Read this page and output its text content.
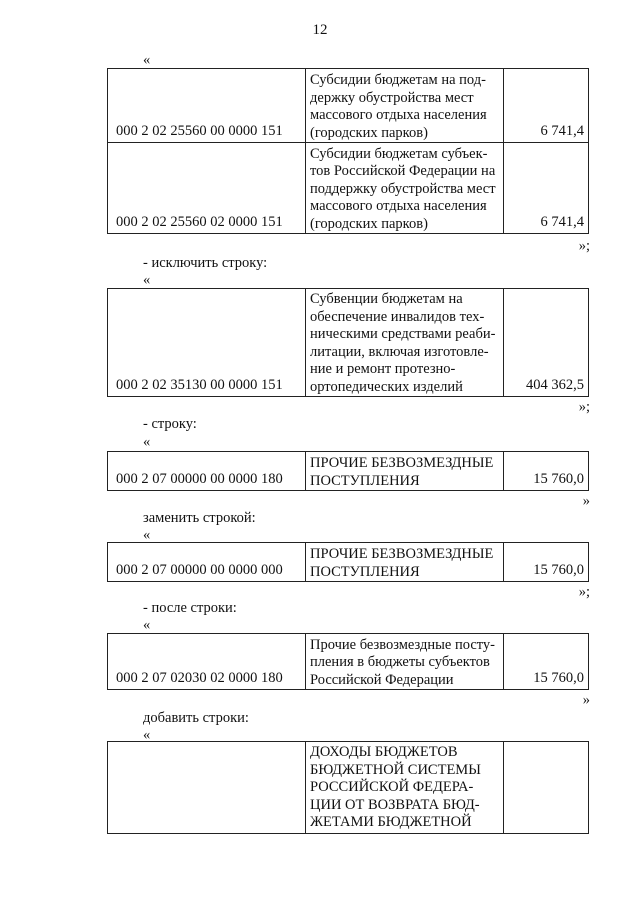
12
«
000 2 02 25560 00 0000 151	Субсидии бюджетам на под-
держку обустройства мест
массового отдыха населения
(городских парков)	6 741,4
000 2 02 25560 02 0000 151	Субсидии бюджетам субъек-
тов Российской Федерации на
поддержку обустройства мест
массового отдыха населения
(городских парков)	6 741,4
»;
- исключить строку:
«
000 2 02 35130 00 0000 151	Субвенции бюджетам на
обеспечение инвалидов тех-
ническими средствами реаби-
литации, включая изготовле-
ние и ремонт протезно-
ортопедических изделий	404 362,5
»;
- строку:
«
000 2 07 00000 00 0000 180	ПРОЧИЕ БЕЗВОЗМЕЗДНЫЕ
ПОСТУПЛЕНИЯ	15 760,0
»
заменить строкой:
«
000 2 07 00000 00 0000 000	ПРОЧИЕ БЕЗВОЗМЕЗДНЫЕ
ПОСТУПЛЕНИЯ	15 760,0
»;
- после строки:
«
000 2 07 02030 02 0000 180	Прочие безвозмездные посту-
пления в бюджеты субъектов
Российской Федерации	15 760,0
»
добавить строки:
«
	ДОХОДЫ БЮДЖЕТОВ
БЮДЖЕТНОЙ СИСТЕМЫ
РОССИЙСКОЙ ФЕДЕРА-
ЦИИ ОТ ВОЗВРАТА БЮД-
ЖЕТАМИ БЮДЖЕТНОЙ	
